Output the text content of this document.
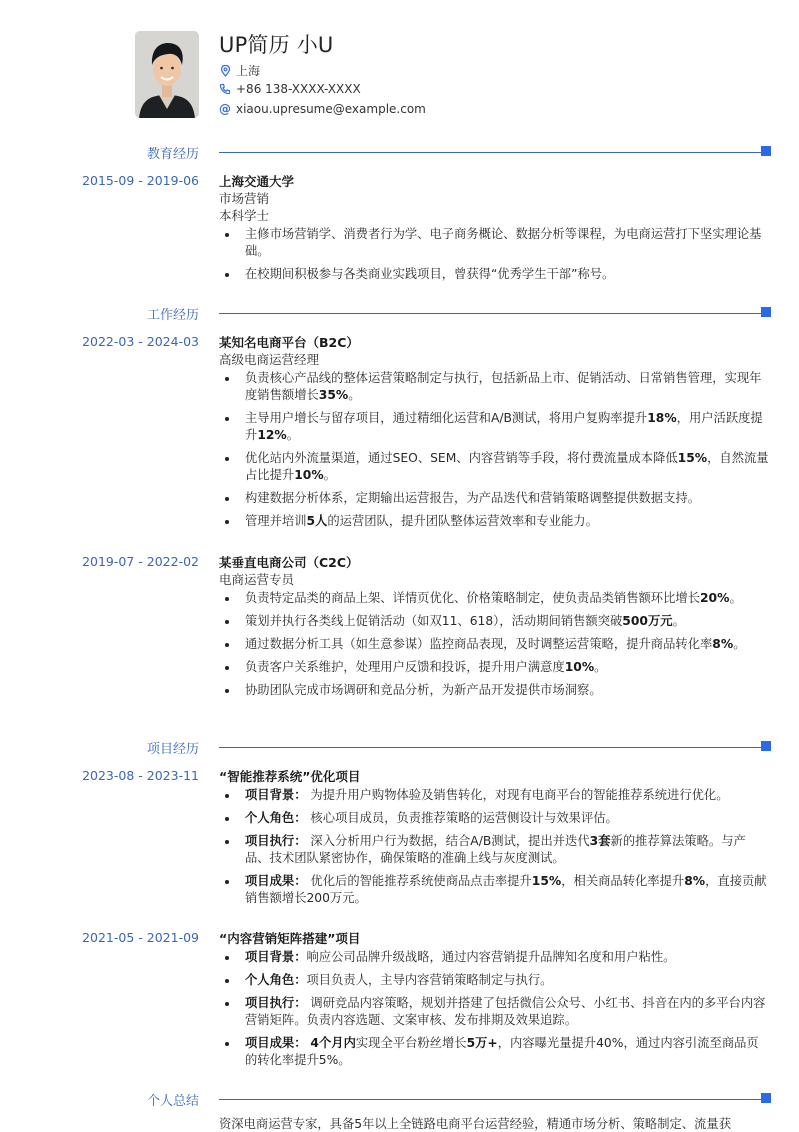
UP简历 小U
上海
+86 138-XXXX-XXXX
@ xiaou.upresume@example.com
教育经历
2015-09 - 2019-06 上海交通大学
市场营销
本科学士
主修市场营销学、消费者行为学、电子商务概论、数据分析等课程，为电商运营打下坚实理论基础。
在校期间积极参与各类商业实践项目，曾获得“优秀学生干部”称号。
工作经历
2022-03 - 2024-03 某知名电商平台（B2C）
高级电商运营经理
负责核心产品线的整体运营策略制定与执行，包括新品上市、促销活动、日常销售管理，实现年度销售额增长35%。
主导用户增长与留存项目，通过精细化运营和A/B测试，将用户复购率提升18%，用户活跃度提升12%。
优化站内外流量渠道，通过SEO、SEM、内容营销等手段，将付费流量成本降低15%，自然流量占比提升10%。
构建数据分析体系，定期输出运营报告，为产品迭代和营销策略调整提供数据支持。
管理并培训5人的运营团队，提升团队整体运营效率和专业能力。
2019-07 - 2022-02 某垂直电商公司（C2C）
电商运营专员
负责特定品类的商品上架、详情页优化、价格策略制定，使负责品类销售额环比增长20%。
策划并执行各类线上促销活动（如双11、618），活动期间销售额突破500万元。
通过数据分析工具（如生意参谋）监控商品表现，及时调整运营策略，提升商品转化率8%。
负责客户关系维护，处理用户反馈和投诉，提升用户满意度10%。
协助团队完成市场调研和竞品分析，为新产品开发提供市场洞察。
项目经历
2023-08 - 2023-11 “智能推荐系统”优化项目
项目背景： 为提升用户购物体验及销售转化，对现有电商平台的智能推荐系统进行优化。
个人角色： 核心项目成员，负责推荐策略的运营侧设计与效果评估。
项目执行： 深入分析用户行为数据，结合A/B测试，提出并迭代3套新的推荐算法策略。与产品、技术团队紧密协作，确保策略的准确上线与灰度测试。
项目成果： 优化后的智能推荐系统使商品点击率提升15%，相关商品转化率提升8%，直接贡献销售额增长200万元。
2021-05 - 2021-09 “内容营销矩阵搭建”项目
项目背景：响应公司品牌升级战略，通过内容营销提升品牌知名度和用户粘性。
个人角色：项目负责人，主导内容营销策略制定与执行。
项目执行： 调研竞品内容策略，规划并搭建了包括微信公众号、小红书、抖音在内的多平台内容营销矩阵。负责内容选题、文案审核、发布排期及效果追踪。
项目成果： 4个月内实现全平台粉丝增长5万+，内容曝光量提升40%，通过内容引流至商品页的转化率提升5%。
个人总结
资深电商运营专家，具备5年以上全链路电商平台运营经验，精通市场分析、策略制定、流量获
